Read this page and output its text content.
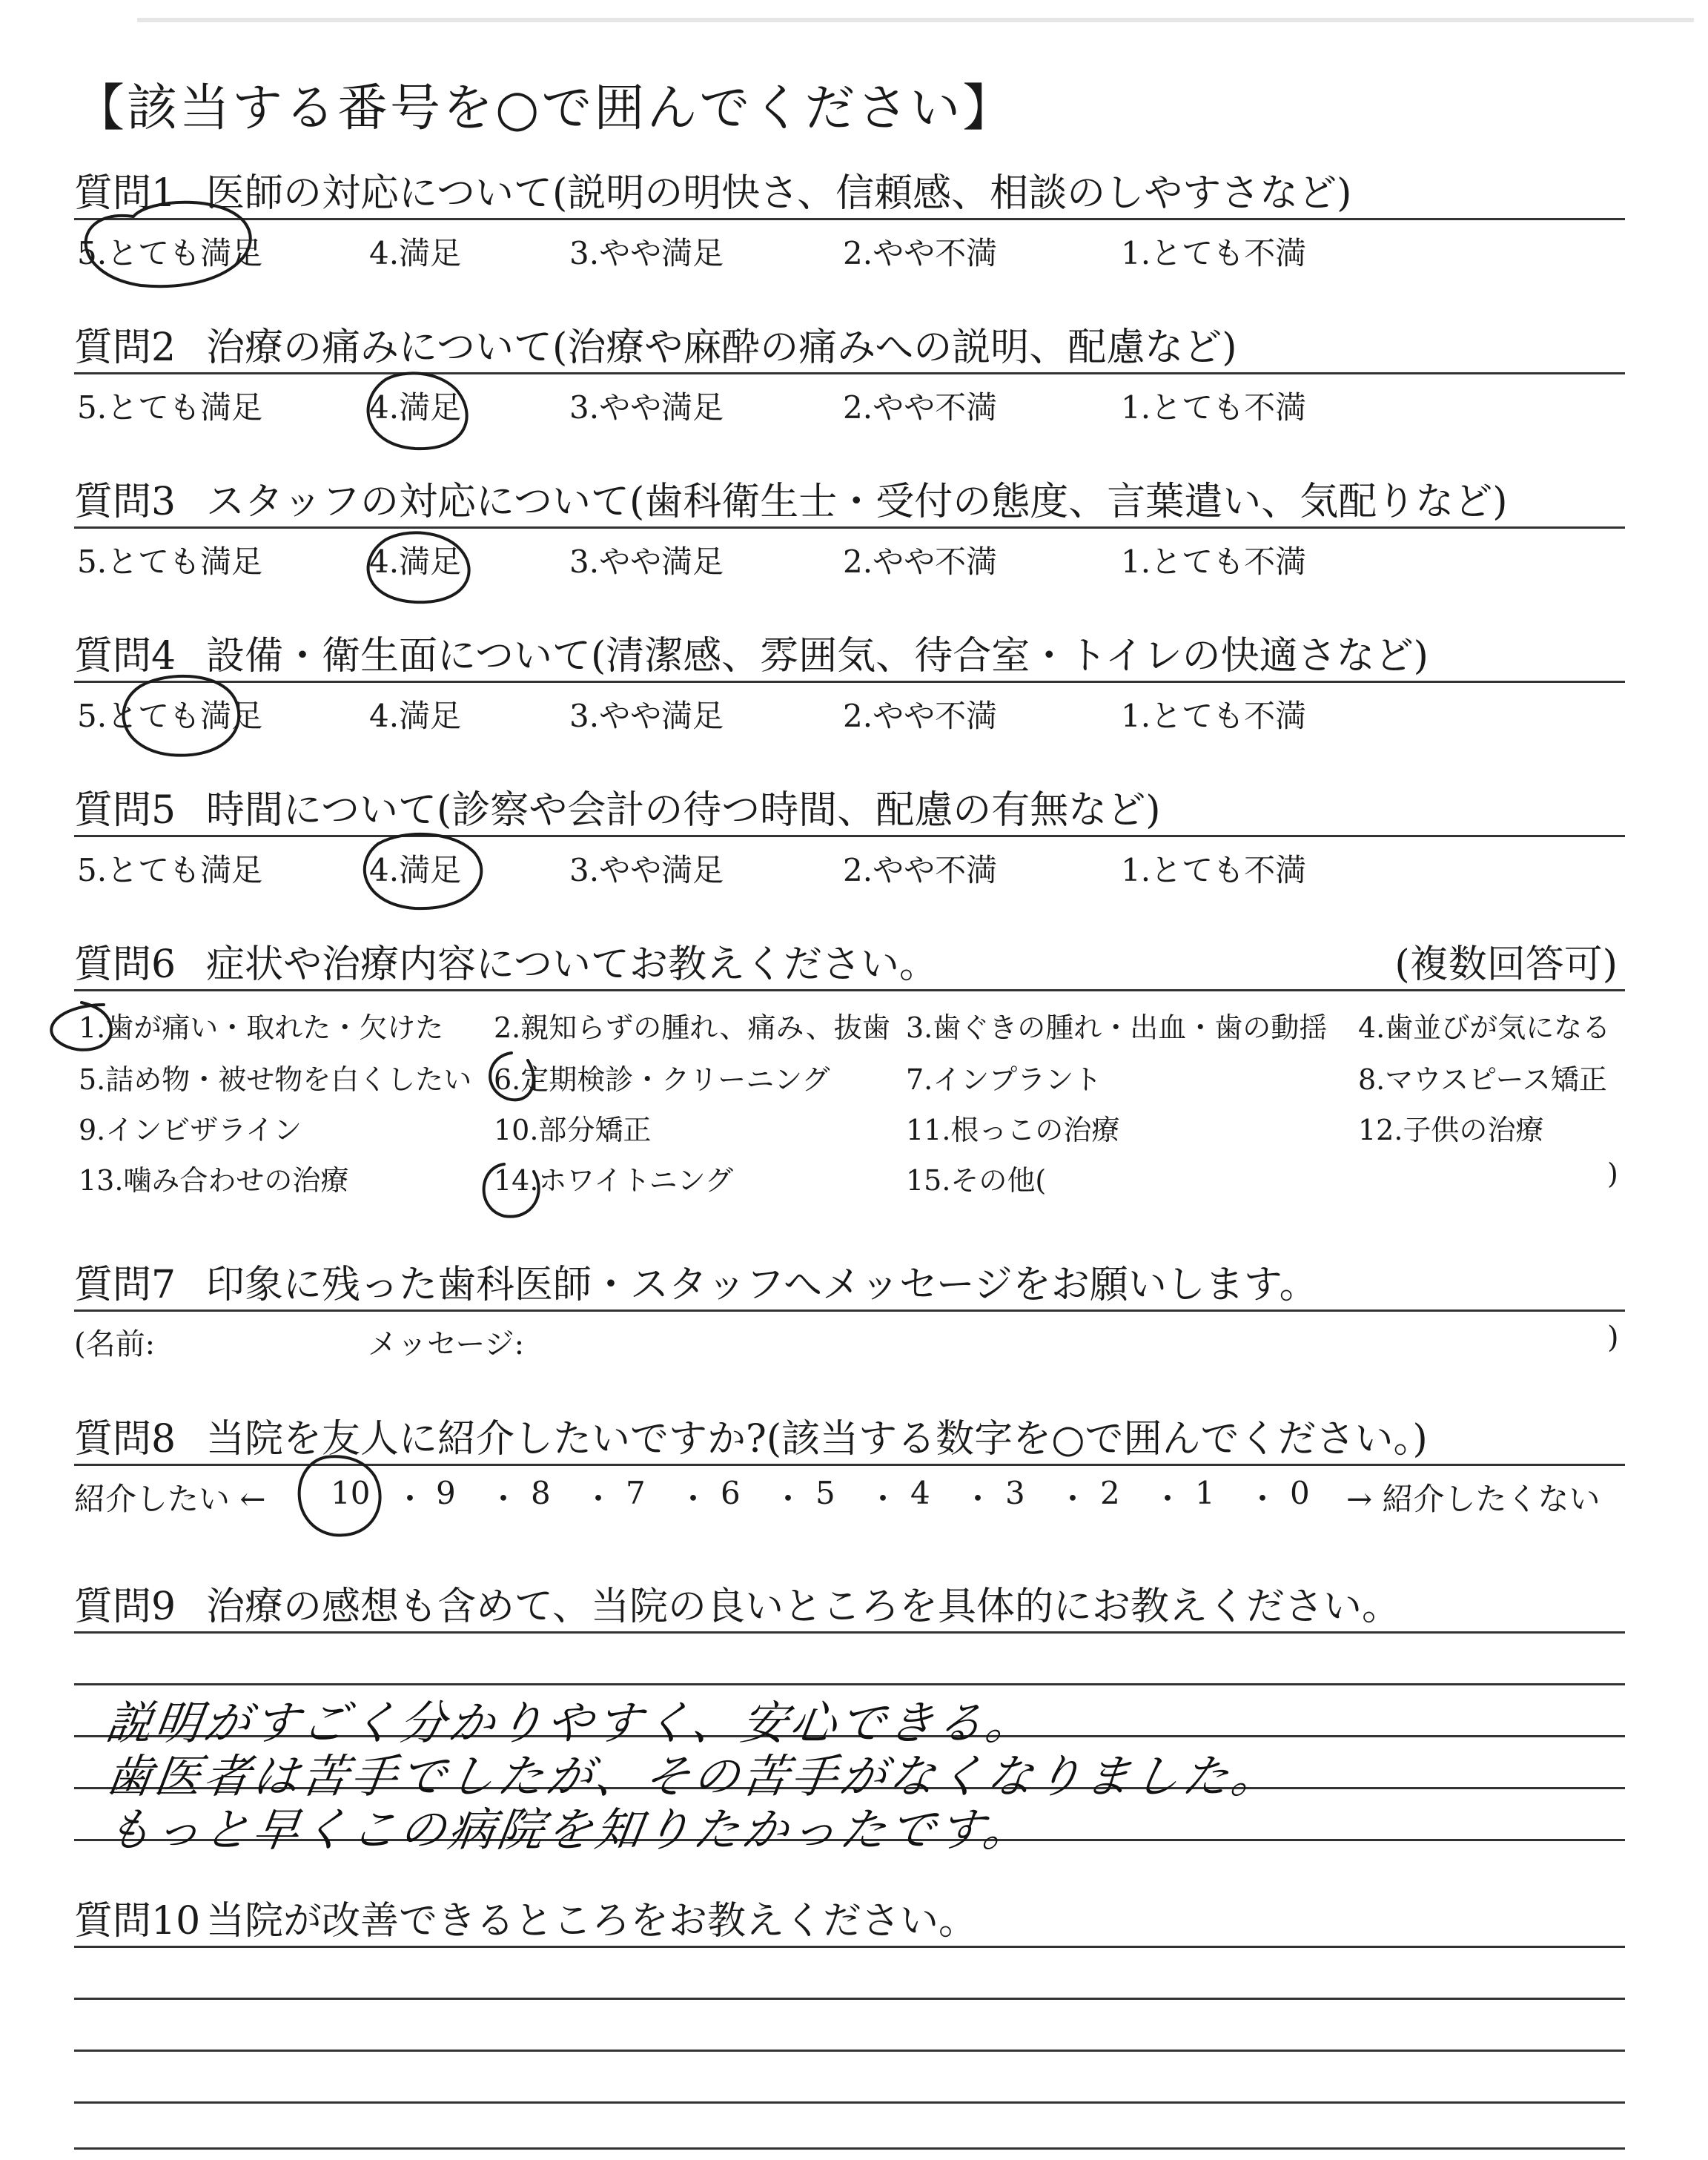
【該当する番号を○で囲んでください】
質問1 医師の対応について(説明の明快さ、信頼感、相談のしやすさなど)
5.とても満足	4.満足	3.やや満足	2.やや不満	1.とても不満
質問2 治療の痛みについて(治療や麻酔の痛みへの説明、配慮など)
5.とても満足	4.満足	3.やや満足	2.やや不満	1.とても不満
質問3 スタッフの対応について(歯科衛生士・受付の態度、言葉遣い、気配りなど)
5.とても満足	4.満足	3.やや満足	2.やや不満	1.とても不満
質問4 設備・衛生面について(清潔感、雰囲気、待合室・トイレの快適さなど)
5.とても満足	4.満足	3.やや満足	2.やや不満	1.とても不満
質問5 時間について(診察や会計の待つ時間、配慮の有無など)
5.とても満足	4.満足	3.やや満足	2.やや不満	1.とても不満
質問6 症状や治療内容についてお教えください。	(複数回答可)
1.歯が痛い・取れた・欠けた 2.親知らずの腫れ、痛み、抜歯 3.歯ぐきの腫れ・出血・歯の動揺 4.歯並びが気になる
5.詰め物・被せ物を白くしたい 6.定期検診・クリーニング	7.インプラント	8.マウスピース矯正
9.インビザライン	10.部分矯正	11.根っこの治療	12.子供の治療
13.噛み合わせの治療	14.ホワイトニング	15.その他(	)
質問7 印象に残った歯科医師・スタッフへメッセージをお願いします。
(名前:	メッセージ:	)
質問8 当院を友人に紹介したいですか?(該当する数字を○で囲んでください。)
紹介したい ← 10 ・ 9 ・ 8 ・ 7 ・ 6 ・ 5 ・ 4 ・ 3 ・ 2 ・ 1 ・ 0 → 紹介したくない
質問9 治療の感想も含めて、当院の良いところを具体的にお教えください。
説明がすごく分かりやすく、安心できる。
歯医者は苦手でしたが、その苦手がなくなりました。
もっと早くこの病院を知りたかったです。
質問10 当院が改善できるところをお教えください。
